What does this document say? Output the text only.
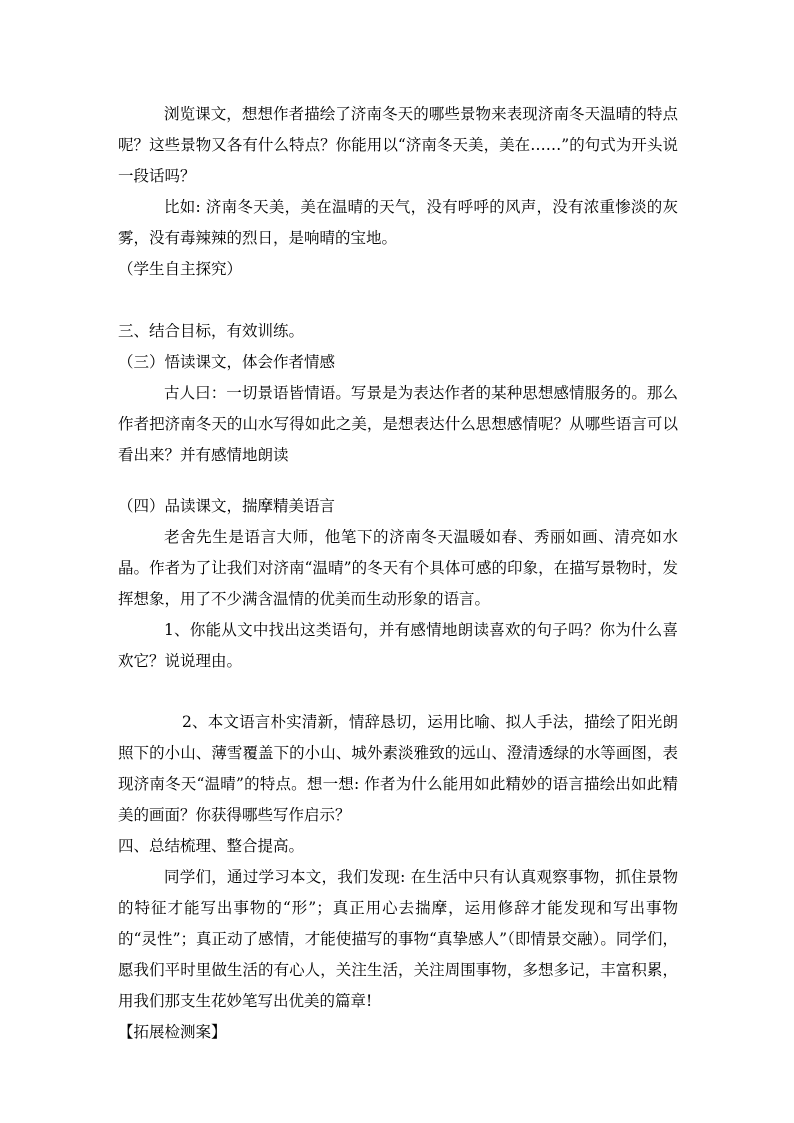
浏览课文，想想作者描绘了济南冬天的哪些景物来表现济南冬天温晴的特点呢？这些景物又各有什么特点？你能用以“济南冬天美，美在……”的句式为开头说一段话吗？

比如: 济南冬天美，美在温晴的天气，没有呼呼的风声，没有浓重惨淡的灰雾，没有毒辣辣的烈日，是响晴的宝地。

（学生自主探究）

三、结合目标，有效训练。

（三）悟读课文，体会作者情感

古人曰：一切景语皆情语。写景是为表达作者的某种思想感情服务的。那么作者把济南冬天的山水写得如此之美，是想表达什么思想感情呢？从哪些语言可以看出来？并有感情地朗读

（四）品读课文，揣摩精美语言

老舍先生是语言大师，他笔下的济南冬天温暖如春、秀丽如画、清亮如水晶。作者为了让我们对济南“温晴”的冬天有个具体可感的印象，在描写景物时，发挥想象，用了不少满含温情的优美而生动形象的语言。

1、你能从文中找出这类语句，并有感情地朗读喜欢的句子吗？你为什么喜欢它？说说理由。

2、本文语言朴实清新，情辞恳切，运用比喻、拟人手法，描绘了阳光朗照下的小山、薄雪覆盖下的小山、城外素淡雅致的远山、澄清透绿的水等画图，表现济南冬天“温晴”的特点。想一想: 作者为什么能用如此精妙的语言描绘出如此精美的画面？你获得哪些写作启示？

四、总结梳理、整合提高。

同学们，通过学习本文，我们发现: 在生活中只有认真观察事物，抓住景物的特征才能写出事物的“形”；真正用心去揣摩，运用修辞才能发现和写出事物的“灵性”；真正动了感情，才能使描写的事物“真挚感人”（即情景交融）。同学们，愿我们平时里做生活的有心人，关注生活，关注周围事物，多想多记，丰富积累，用我们那支生花妙笔写出优美的篇章!

【拓展检测案】
